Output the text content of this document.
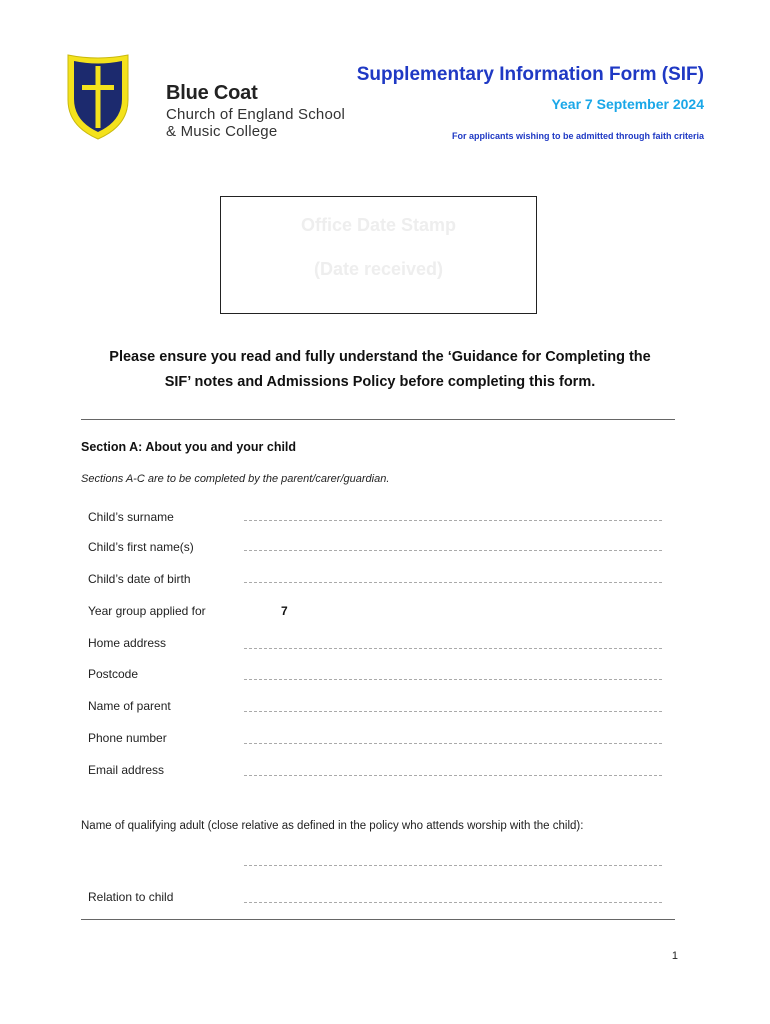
Blue Coat
Church of England School
& Music College
Supplementary Information Form (SIF)
Year 7 September 2024
For applicants wishing to be admitted through faith criteria
Office Date Stamp
(Date received)
Please ensure you read and fully understand the ‘Guidance for Completing the
SIF’ notes and Admissions Policy before completing this form.
Section A: About you and your child
Sections A-C are to be completed by the parent/carer/guardian.
Child’s surname
Child’s first name(s)
Child’s date of birth
Year group applied for	7
Home address
Postcode
Name of parent
Phone number
Email address
Name of qualifying adult (close relative as defined in the policy who attends worship with the child):
Relation to child
1
